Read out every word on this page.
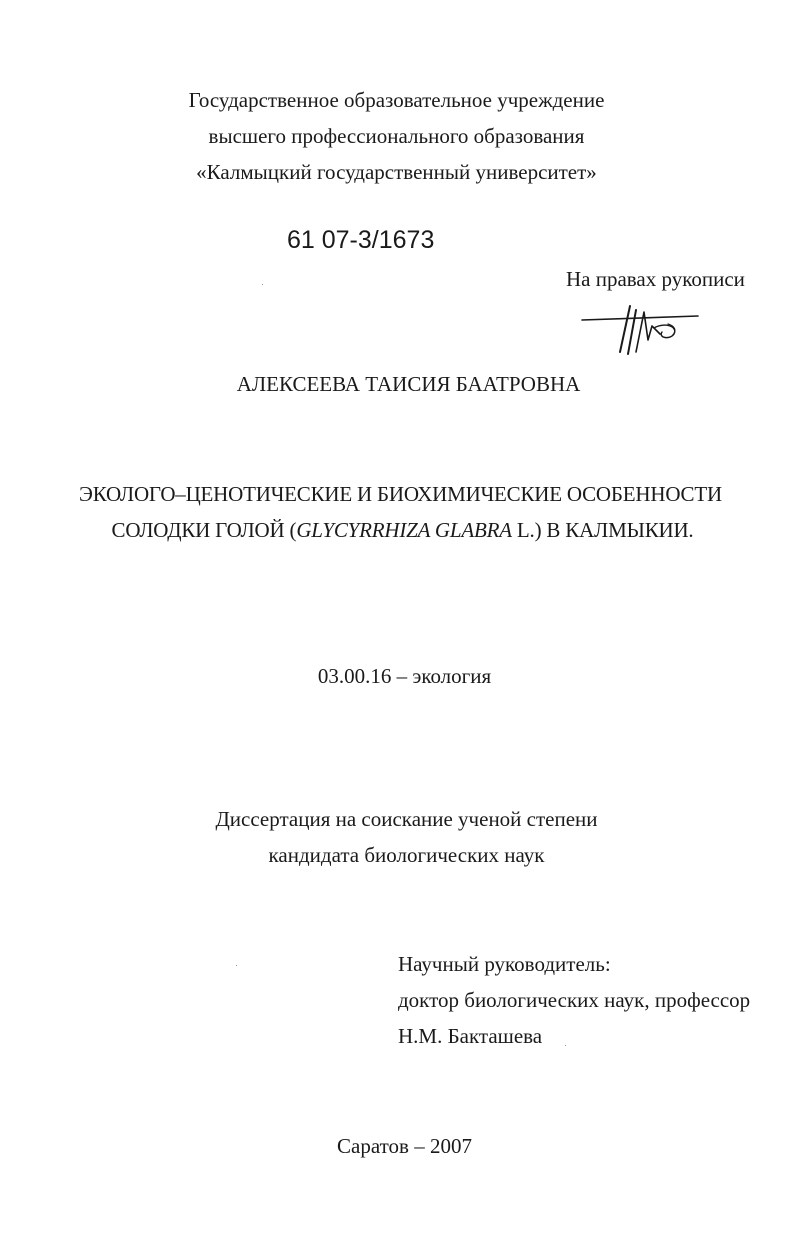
Государственное образовательное учреждение
высшего профессионального образования
«Калмыцкий государственный университет»
61 07-3/1673
На правах рукописи
АЛЕКСЕЕВА ТАИСИЯ БААТРОВНА
ЭКОЛОГО–ЦЕНОТИЧЕСКИЕ И БИОХИМИЧЕСКИЕ ОСОБЕННОСТИ
СОЛОДКИ ГОЛОЙ (GLYCYRRHIZA GLABRA L.) В КАЛМЫКИИ.
03.00.16 – экология
Диссертация на соискание ученой степени
кандидата биологических наук
Научный руководитель:
доктор биологических наук, профессор
Н.М. Бакташева
Саратов – 2007
